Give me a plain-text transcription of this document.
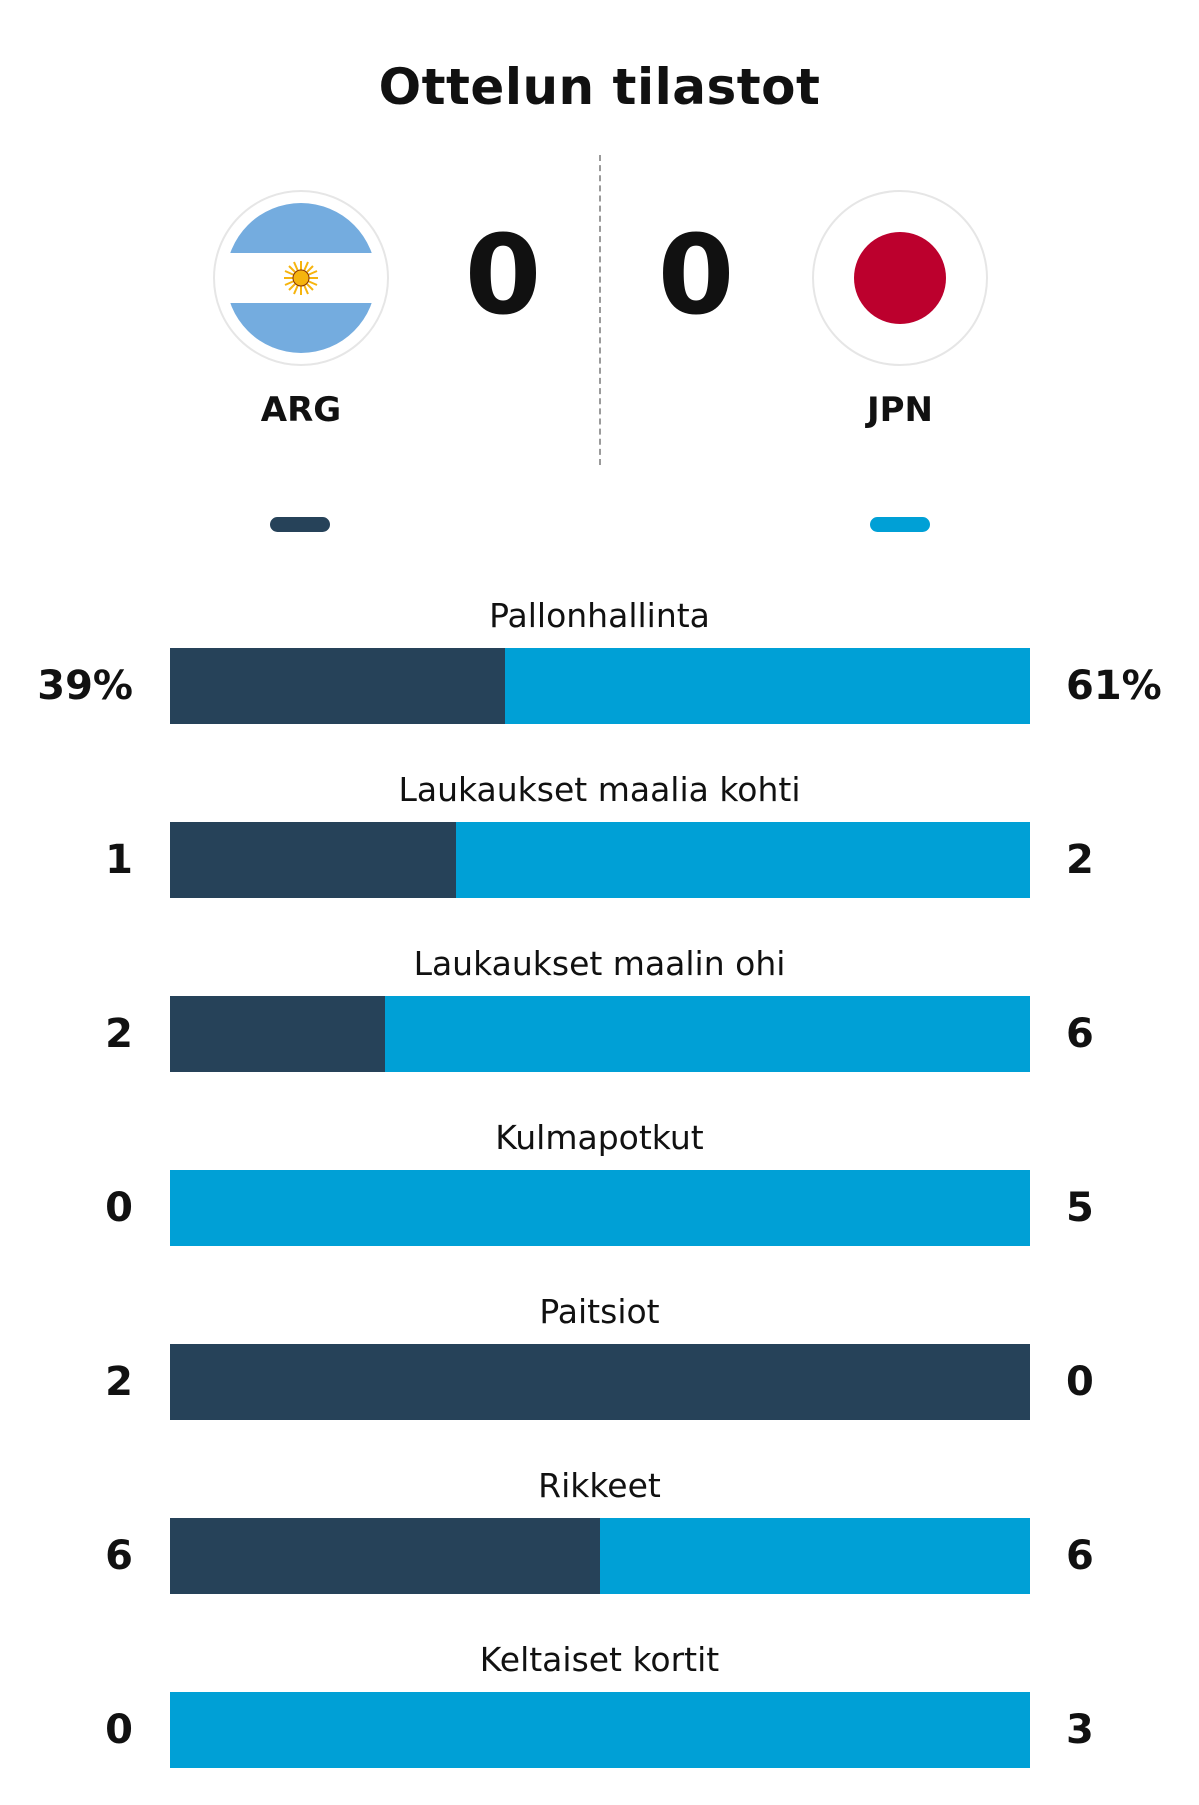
Ottelun tilastot
0 0
ARG	JPN
Pallonhallinta
39%	61%
Laukaukset maalia kohti
1	2
Laukaukset maalin ohi
2	6
Kulmapotkut
0	5
Paitsiot
2	0
Rikkeet
6	6
Keltaiset kortit
0	3
